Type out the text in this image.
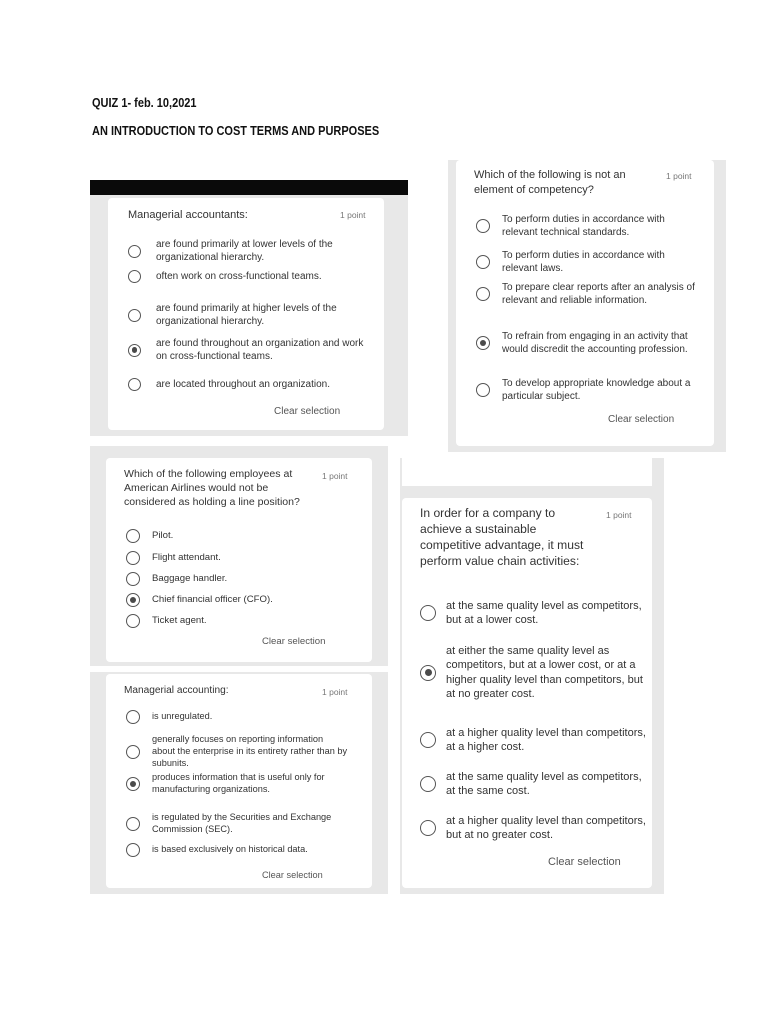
QUIZ 1- feb. 10,2021
AN INTRODUCTION TO COST TERMS AND PURPOSES
Managerial accountants:	1 point
are found primarily at lower levels of the organizational hierarchy.
often work on cross-functional teams.
are found primarily at higher levels of the organizational hierarchy.
are found throughout an organization and work on cross-functional teams.
are located throughout an organization.
Clear selection
Which of the following is not an element of competency?
1 point
To perform duties in accordance with relevant technical standards.
To perform duties in accordance with relevant laws.
To prepare clear reports after an analysis of relevant and reliable information.
To refrain from engaging in an activity that would discredit the accounting profession.
To develop appropriate knowledge about a particular subject.
Clear selection
Which of the following employees at American Airlines would not be considered as holding a line position?
1 point
Pilot.
Flight attendant.
Baggage handler.
Chief financial officer (CFO).
Ticket agent.
Clear selection
Managerial accounting:	1 point
is unregulated.
generally focuses on reporting information about the enterprise in its entirety rather than by subunits.
produces information that is useful only for manufacturing organizations.
is regulated by the Securities and Exchange Commission (SEC).
is based exclusively on historical data.
Clear selection
In order for a company to achieve a sustainable competitive advantage, it must perform value chain activities:
1 point
at the same quality level as competitors, but at a lower cost.
at either the same quality level as competitors, but at a lower cost, or at a higher quality level than competitors, but at no greater cost.
at a higher quality level than competitors, at a higher cost.
at the same quality level as competitors, at the same cost.
at a higher quality level than competitors, but at no greater cost.
Clear selection
